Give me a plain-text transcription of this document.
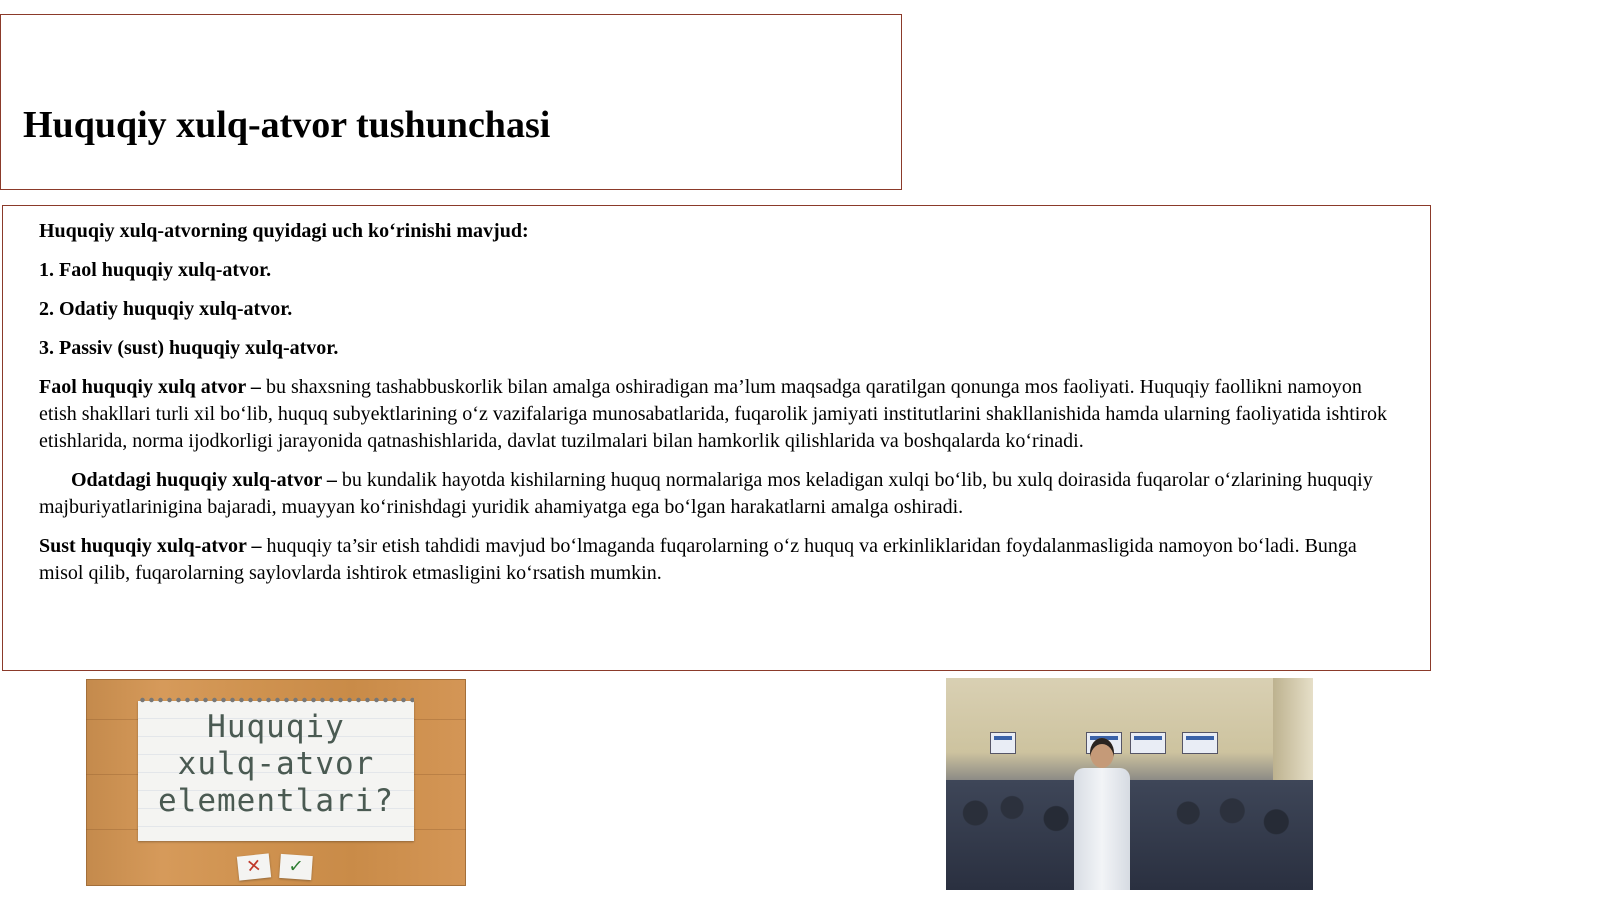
Huquqiy xulq-atvor tushunchasi

Huquqiy xulq-atvorning quyidagi uch ko‘rinishi mavjud:

1. Faol huquqiy xulq-atvor.

2. Odatiy huquqiy xulq-atvor.

3. Passiv (sust) huquqiy xulq-atvor.

Faol huquqiy xulq atvor – bu shaxsning tashabbuskorlik bilan amalga oshiradigan ma’lum maqsadga qaratilgan qonunga mos faoliyati. Huquqiy faollikni namoyon etish shakllari turli xil bo‘lib, huquq subyektlarining o‘z vazifalariga munosabatlarida, fuqarolik jamiyati institutlarini shakllanishida hamda ularning faoliyatida ishtirok etishlarida, norma ijodkorligi jarayonida qatnashishlarida, davlat tuzilmalari bilan hamkorlik qilishlarida va boshqalarda ko‘rinadi.

Odatdagi huquqiy xulq-atvor – bu kundalik hayotda kishilarning huquq normalariga mos keladigan xulqi bo‘lib, bu xulq doirasida fuqarolar o‘zlarining huquqiy majburiyatlarinigina bajaradi, muayyan ko‘rinishdagi yuridik ahamiyatga ega bo‘lgan harakatlarni amalga oshiradi.

Sust huquqiy xulq-atvor – huquqiy ta’sir etish tahdidi mavjud bo‘lmaganda fuqarolarning o‘z huquq va erkinliklaridan foydalanmasligida namoyon bo‘ladi. Bunga misol qilib, fuqarolarning saylovlarda ishtirok etmasligini ko‘rsatish mumkin.

Huquqiy
xulq-atvor
elementlari?
✕	✓
